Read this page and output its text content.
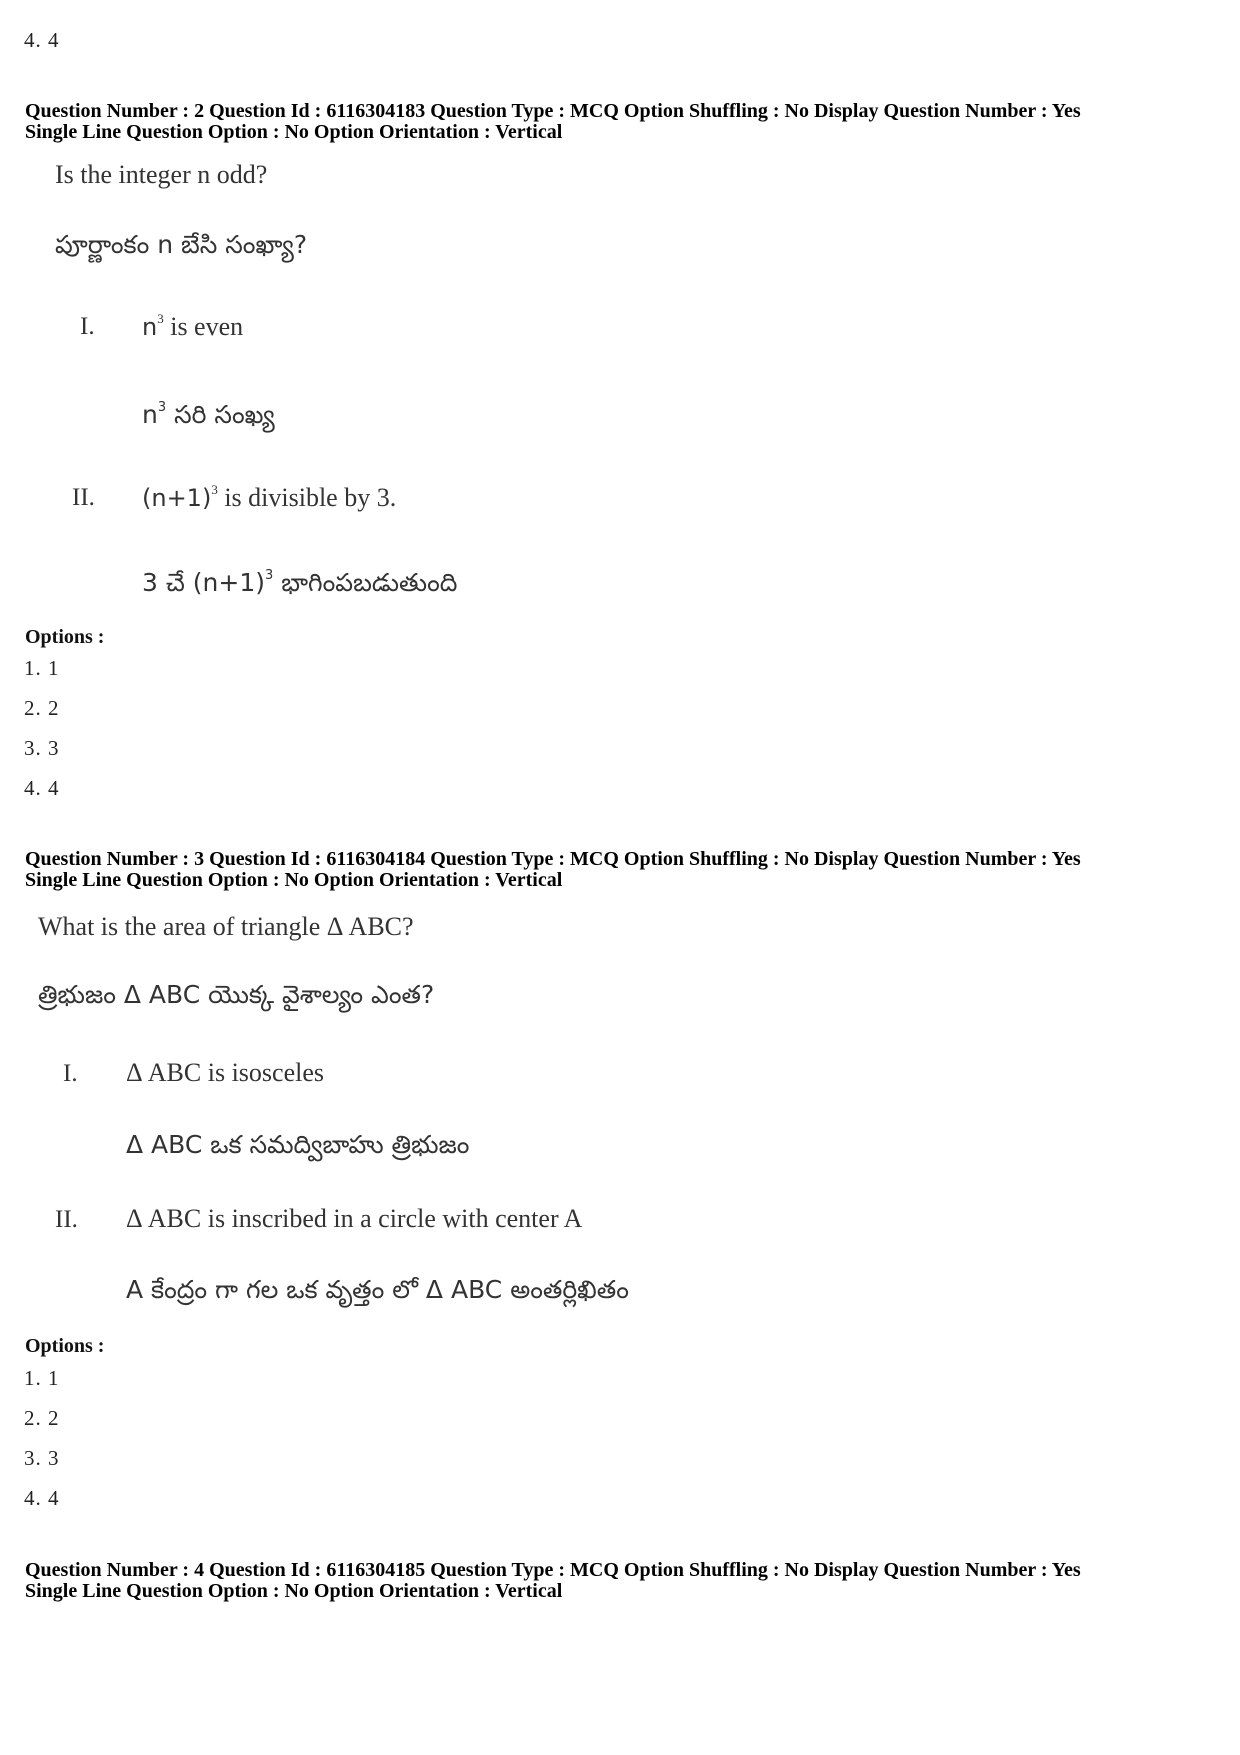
4. 4
Question Number : 2 Question Id : 6116304183 Question Type : MCQ Option Shuffling : No Display Question Number : Yes
Single Line Question Option : No Option Orientation : Vertical
Is the integer n odd?
పూర్ణాంకం n బేసి సంఖ్యా?
I. $n^3$ is even
$n^3$ సరి సంఖ్య
II. $(n+1)^3$ is divisible by 3.
3 చే $(n+1)^3$ భాగింపబడుతుంది
Options :
1. 1
2. 2
3. 3
4. 4
Question Number : 3 Question Id : 6116304184 Question Type : MCQ Option Shuffling : No Display Question Number : Yes
Single Line Question Option : No Option Orientation : Vertical
What is the area of triangle Δ ABC?
త్రిభుజం Δ ABC యొక్క వైశాల్యం ఎంత?
I. Δ ABC is isosceles
Δ ABC ఒక సమద్విబాహు త్రిభుజం
II. Δ ABC is inscribed in a circle with center A
A కేంద్రం గా గల ఒక వృత్తం లో Δ ABC అంతర్లిఖితం
Options :
1. 1
2. 2
3. 3
4. 4
Question Number : 4 Question Id : 6116304185 Question Type : MCQ Option Shuffling : No Display Question Number : Yes
Single Line Question Option : No Option Orientation : Vertical
